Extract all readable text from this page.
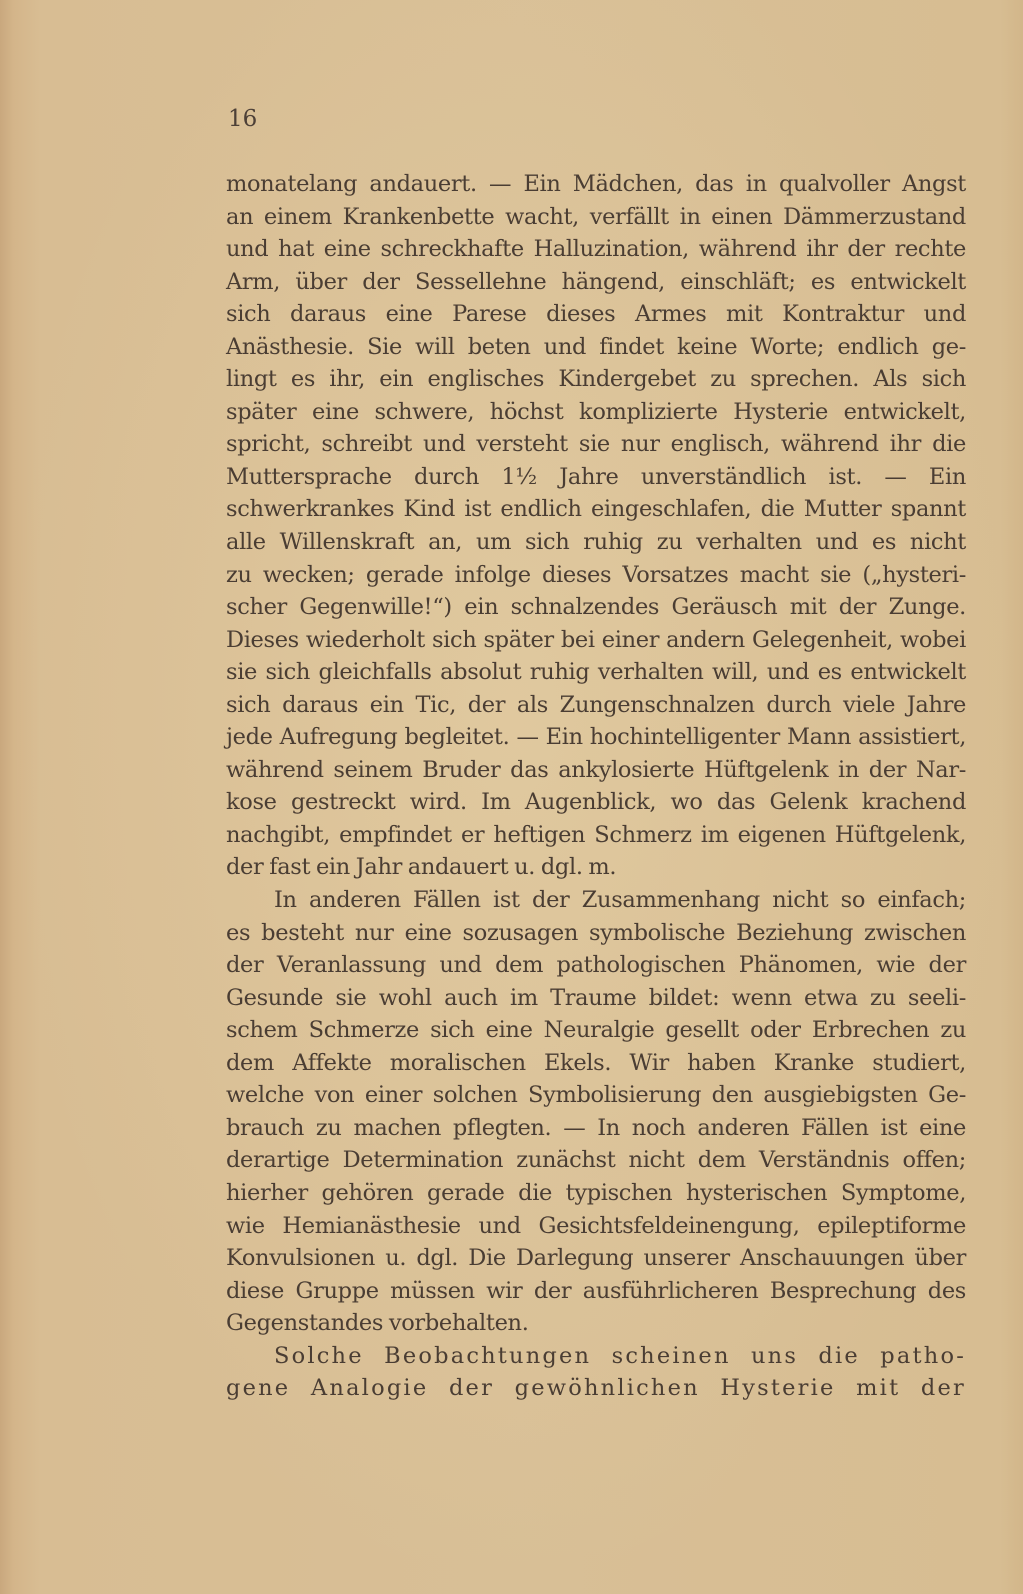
16
monatelang andauert. — Ein Mädchen, das in qualvoller Angst
an einem Krankenbette wacht, verfällt in einen Dämmerzustand
und hat eine schreckhafte Halluzination, während ihr der rechte
Arm, über der Sessellehne hängend, einschläft; es entwickelt
sich daraus eine Parese dieses Armes mit Kontraktur und
Anästhesie. Sie will beten und findet keine Worte; endlich ge-
lingt es ihr, ein englisches Kindergebet zu sprechen. Als sich
später eine schwere, höchst komplizierte Hysterie entwickelt,
spricht, schreibt und versteht sie nur englisch, während ihr die
Muttersprache durch 1½ Jahre unverständlich ist. — Ein
schwerkrankes Kind ist endlich eingeschlafen, die Mutter spannt
alle Willenskraft an, um sich ruhig zu verhalten und es nicht
zu wecken; gerade infolge dieses Vorsatzes macht sie („hysteri-
scher Gegenwille!“) ein schnalzendes Geräusch mit der Zunge.
Dieses wiederholt sich später bei einer andern Gelegenheit, wobei
sie sich gleichfalls absolut ruhig verhalten will, und es entwickelt
sich daraus ein Tic, der als Zungenschnalzen durch viele Jahre
jede Aufregung begleitet. — Ein hochintelligenter Mann assistiert,
während seinem Bruder das ankylosierte Hüftgelenk in der Nar-
kose gestreckt wird. Im Augenblick, wo das Gelenk krachend
nachgibt, empfindet er heftigen Schmerz im eigenen Hüftgelenk,
der fast ein Jahr andauert u. dgl. m.
In anderen Fällen ist der Zusammenhang nicht so einfach;
es besteht nur eine sozusagen symbolische Beziehung zwischen
der Veranlassung und dem pathologischen Phänomen, wie der
Gesunde sie wohl auch im Traume bildet: wenn etwa zu seeli-
schem Schmerze sich eine Neuralgie gesellt oder Erbrechen zu
dem Affekte moralischen Ekels. Wir haben Kranke studiert,
welche von einer solchen Symbolisierung den ausgiebigsten Ge-
brauch zu machen pflegten. — In noch anderen Fällen ist eine
derartige Determination zunächst nicht dem Verständnis offen;
hierher gehören gerade die typischen hysterischen Symptome,
wie Hemianästhesie und Gesichtsfeldeinengung, epileptiforme
Konvulsionen u. dgl. Die Darlegung unserer Anschauungen über
diese Gruppe müssen wir der ausführlicheren Besprechung des
Gegenstandes vorbehalten.
Solche Beobachtungen scheinen uns die patho-
gene Analogie der gewöhnlichen Hysterie mit der
